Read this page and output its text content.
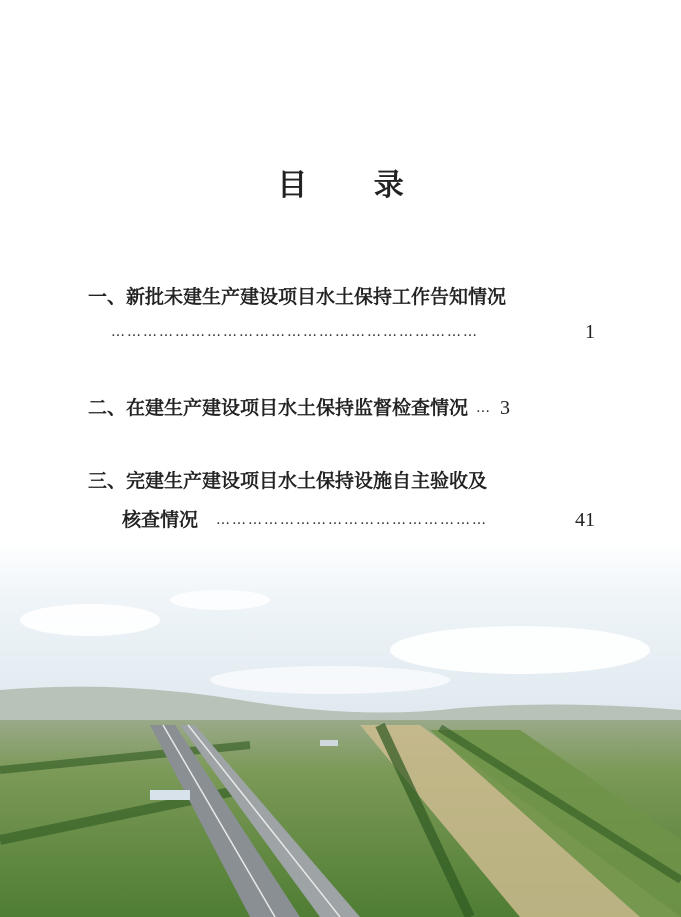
目 录
一、新批未建生产建设项目水土保持工作告知情况
……………………………………………………………	1
二、 在建生产建设项目水土保持监督检查情况 … 3
三、完建生产建设项目水土保持设施自主验收及
核查情况 ……………………………………………	41
